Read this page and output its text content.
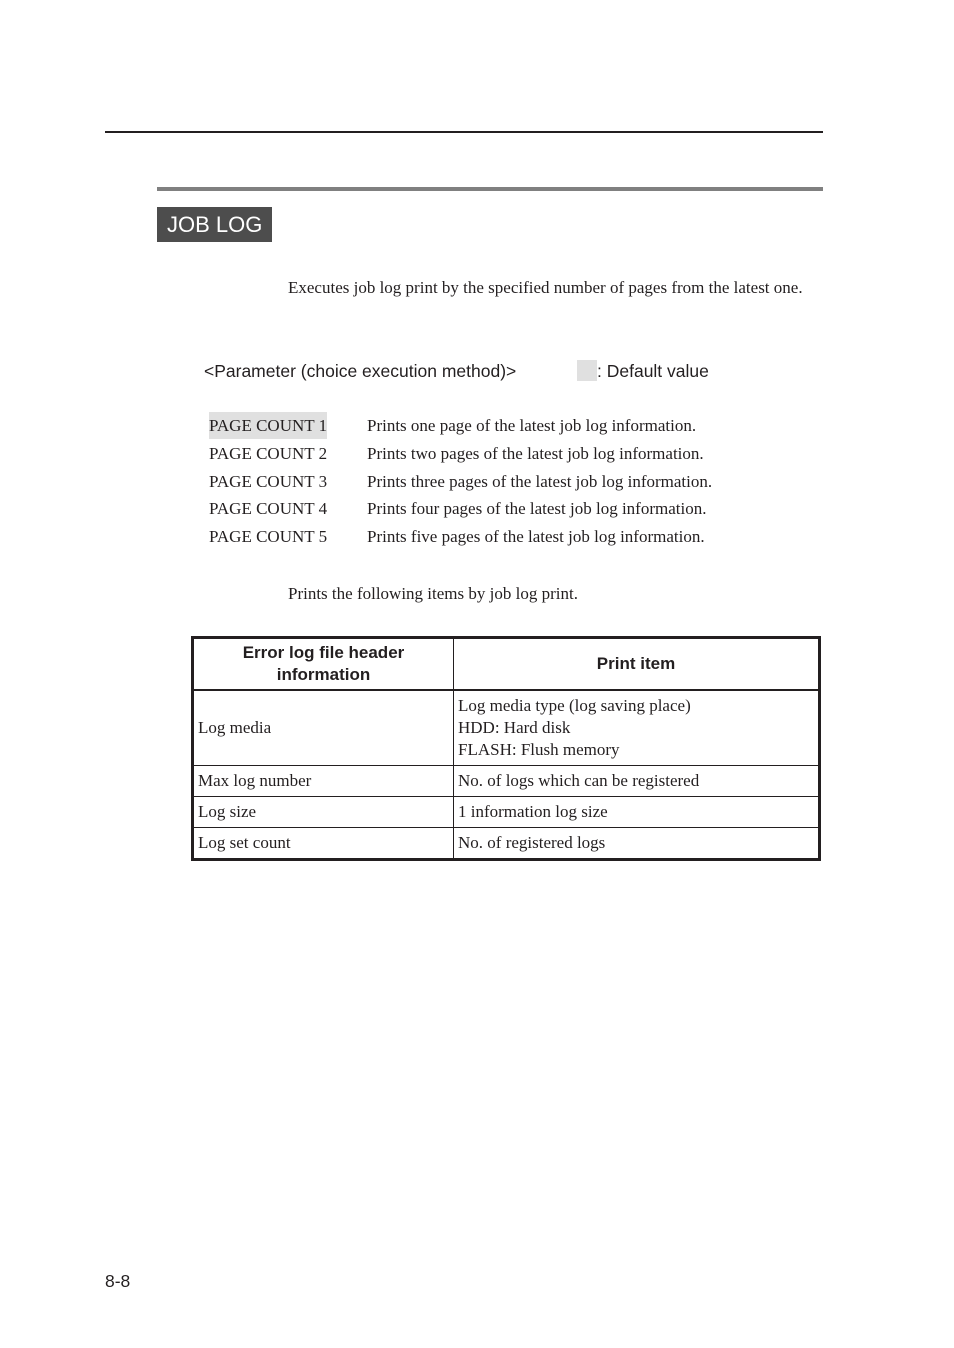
JOB LOG
Executes job log print by the specified number of pages from the latest one.
<Parameter (choice execution method)>	: Default value
PAGE COUNT 1 Prints one page of the latest job log information.
PAGE COUNT 2 Prints two pages of the latest job log information.
PAGE COUNT 3 Prints three pages of the latest job log information.
PAGE COUNT 4 Prints four pages of the latest job log information.
PAGE COUNT 5 Prints five pages of the latest job log information.
Prints the following items by job log print.
Error log file header information	Print item
Log media	Log media type (log saving place)
HDD: Hard disk
FLASH: Flush memory

Max log number	No. of logs which can be registered
Log size	1 information log size
Log set count	No. of registered logs
8-8
